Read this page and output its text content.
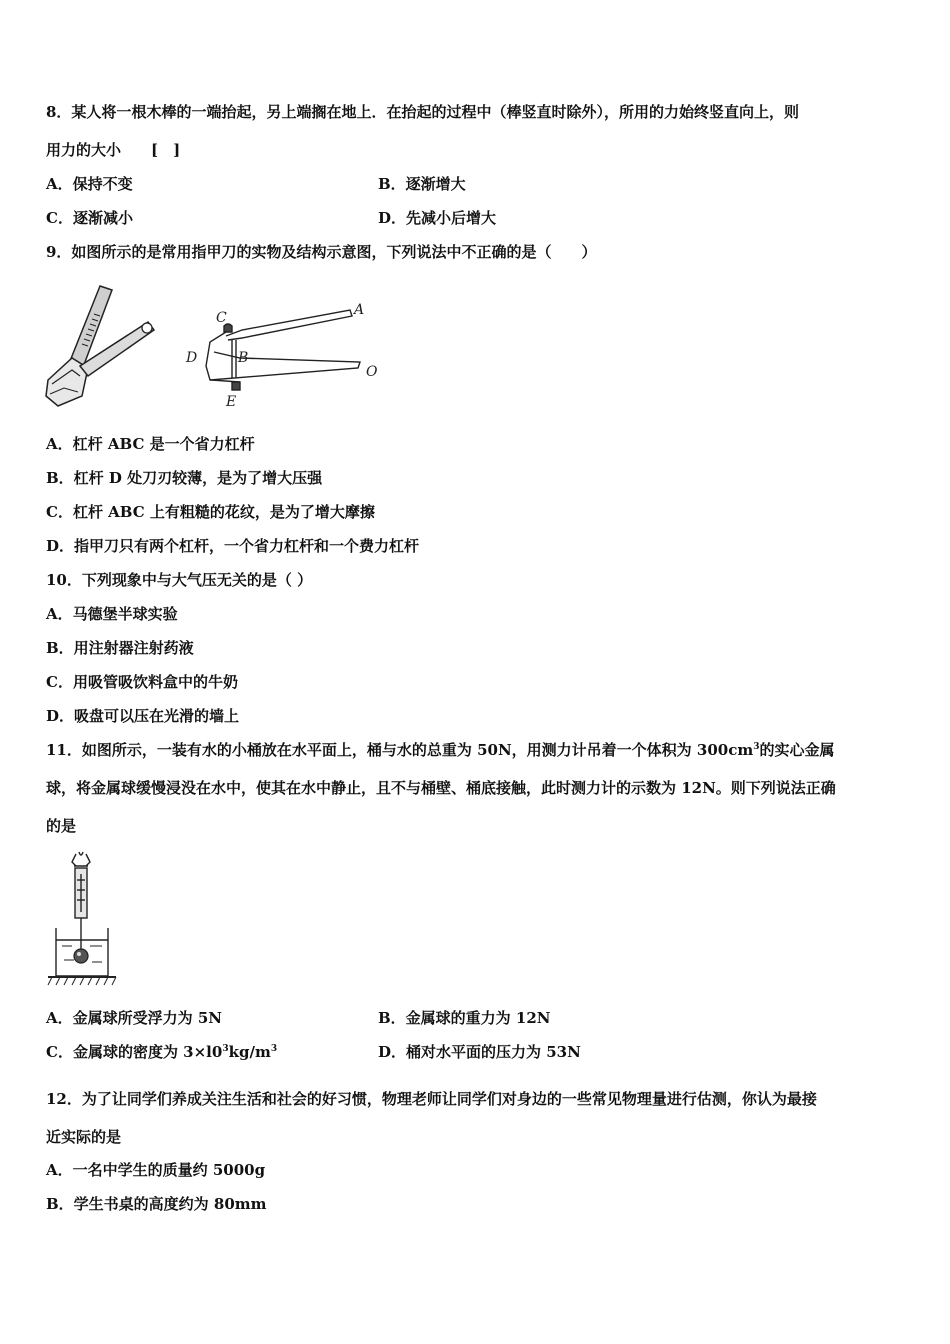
8．某人将一根木棒的一端抬起，另上端搁在地上．在抬起的过程中（棒竖直时除外），所用的力始终竖直向上，则
用力的大小　　[　]
A．保持不变	B．逐渐增大
C．逐渐减小	D．先减小后增大
9．如图所示的是常用指甲刀的实物及结构示意图，下列说法中不正确的是（　　）
C	A
D	B
O
E
A．杠杆 ABC 是一个省力杠杆
B．杠杆 D 处刀刃较薄，是为了增大压强
C．杠杆 ABC 上有粗糙的花纹，是为了增大摩擦
D．指甲刀只有两个杠杆，一个省力杠杆和一个费力杠杆
10．下列现象中与大气压无关的是（ ）
A．马德堡半球实验
B．用注射器注射药液
C．用吸管吸饮料盒中的牛奶
D．吸盘可以压在光滑的墙上
11．如图所示，一装有水的小桶放在水平面上，桶与水的总重为 50N，用测力计吊着一个体积为 $300cm^3$的实心金属
球，将金属球缓慢浸没在水中，使其在水中静止，且不与桶壁、桶底接触，此时测力计的示数为 12N。则下列说法正确
的是
A．金属球所受浮力为 5N	B．金属球的重力为 12N
C．金属球的密度为 $3\times l0^3kg/m^3$	D．桶对水平面的压力为 53N
12．为了让同学们养成关注生活和社会的好习惯，物理老师让同学们对身边的一些常见物理量进行估测，你认为最接
近实际的是
A．一名中学生的质量约 5000g
B．学生书桌的高度约为 80mm
